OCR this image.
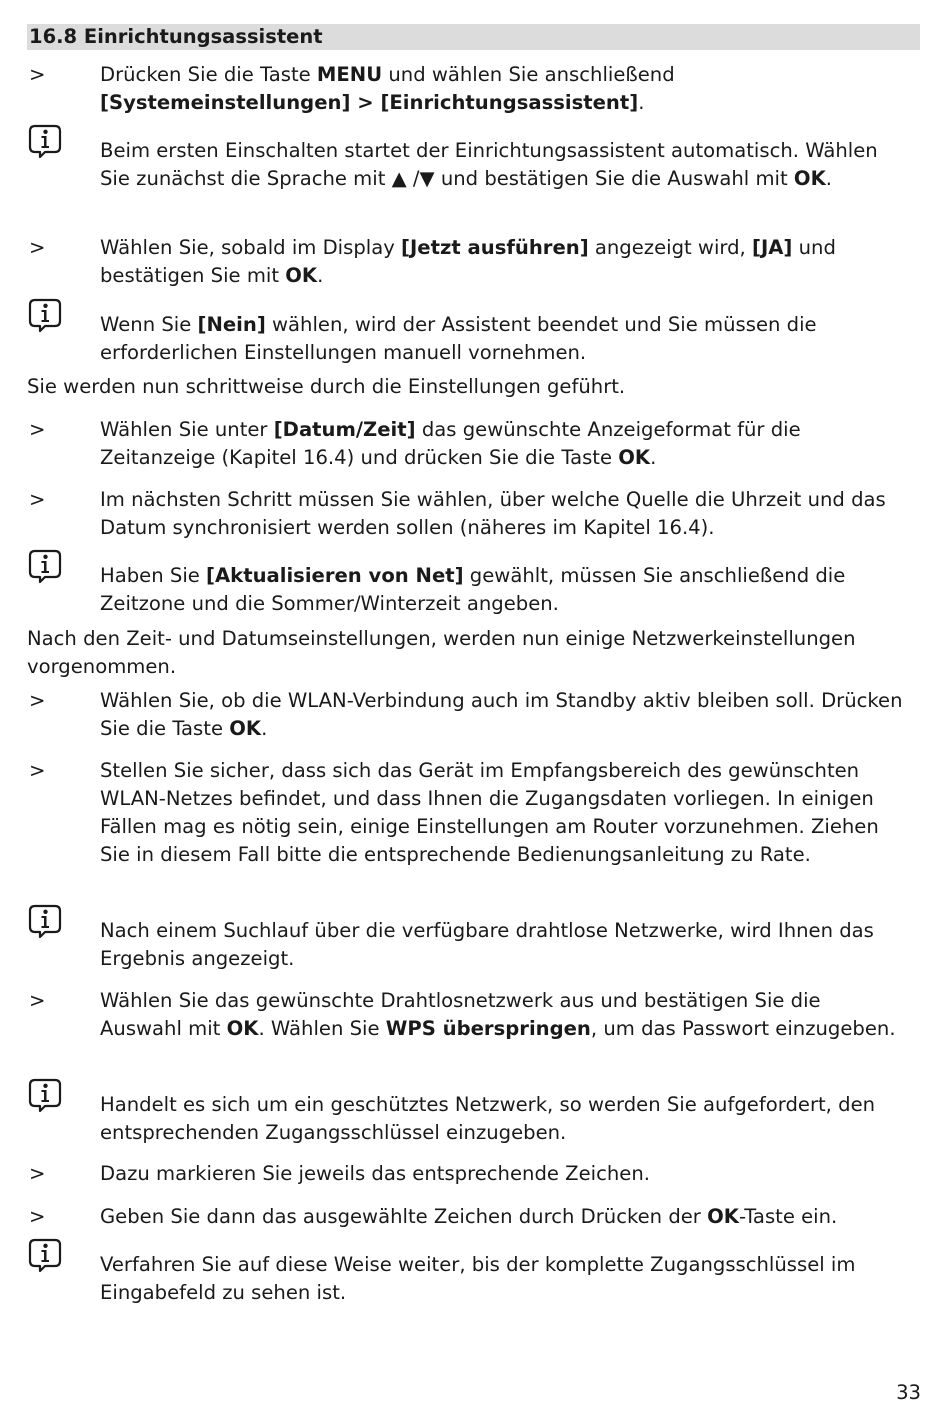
16.8 Einrichtungsassistent
>	Drücken Sie die Taste MENU und wählen Sie anschließend
[Systemeinstellungen] > [Einrichtungsassistent].
Beim ersten Einschalten startet der Einrichtungsassistent automatisch. Wählen Sie zunächst die Sprache mit ▲ /▼ und bestätigen Sie die Auswahl mit OK.
>	Wählen Sie, sobald im Display [Jetzt ausführen] angezeigt wird, [JA] und bestätigen Sie mit OK.
Wenn Sie [Nein] wählen, wird der Assistent beendet und Sie müssen die erforderlichen Einstellungen manuell vornehmen.
Sie werden nun schrittweise durch die Einstellungen geführt.
>	Wählen Sie unter [Datum/Zeit] das gewünschte Anzeigeformat für die Zeitanzeige (Kapitel 16.4) und drücken Sie die Taste OK.
>	Im nächsten Schritt müssen Sie wählen, über welche Quelle die Uhrzeit und das Datum synchronisiert werden sollen (näheres im Kapitel 16.4).
Haben Sie [Aktualisieren von Net] gewählt, müssen Sie anschließend die Zeitzone und die Sommer/Winterzeit angeben.
Nach den Zeit- und Datumseinstellungen, werden nun einige Netzwerkeinstellungen vorgenommen.
>	Wählen Sie, ob die WLAN-Verbindung auch im Standby aktiv bleiben soll. Drücken Sie die Taste OK.
>	Stellen Sie sicher, dass sich das Gerät im Empfangsbereich des gewünschten WLAN-Netzes befindet, und dass Ihnen die Zugangsdaten vorliegen. In einigen Fällen mag es nötig sein, einige Einstellungen am Router vorzunehmen. Ziehen Sie in diesem Fall bitte die entsprechende Bedienungsanleitung zu Rate.
Nach einem Suchlauf über die verfügbare drahtlose Netzwerke, wird Ihnen das Ergebnis angezeigt.
>	Wählen Sie das gewünschte Drahtlosnetzwerk aus und bestätigen Sie die Auswahl mit OK. Wählen Sie WPS überspringen, um das Passwort einzugeben.
Handelt es sich um ein geschütztes Netzwerk, so werden Sie aufgefordert, den entsprechenden Zugangsschlüssel einzugeben.
>	Dazu markieren Sie jeweils das entsprechende Zeichen.
>	Geben Sie dann das ausgewählte Zeichen durch Drücken der OK-Taste ein.
Verfahren Sie auf diese Weise weiter, bis der komplette Zugangsschlüssel im Eingabefeld zu sehen ist.
33
